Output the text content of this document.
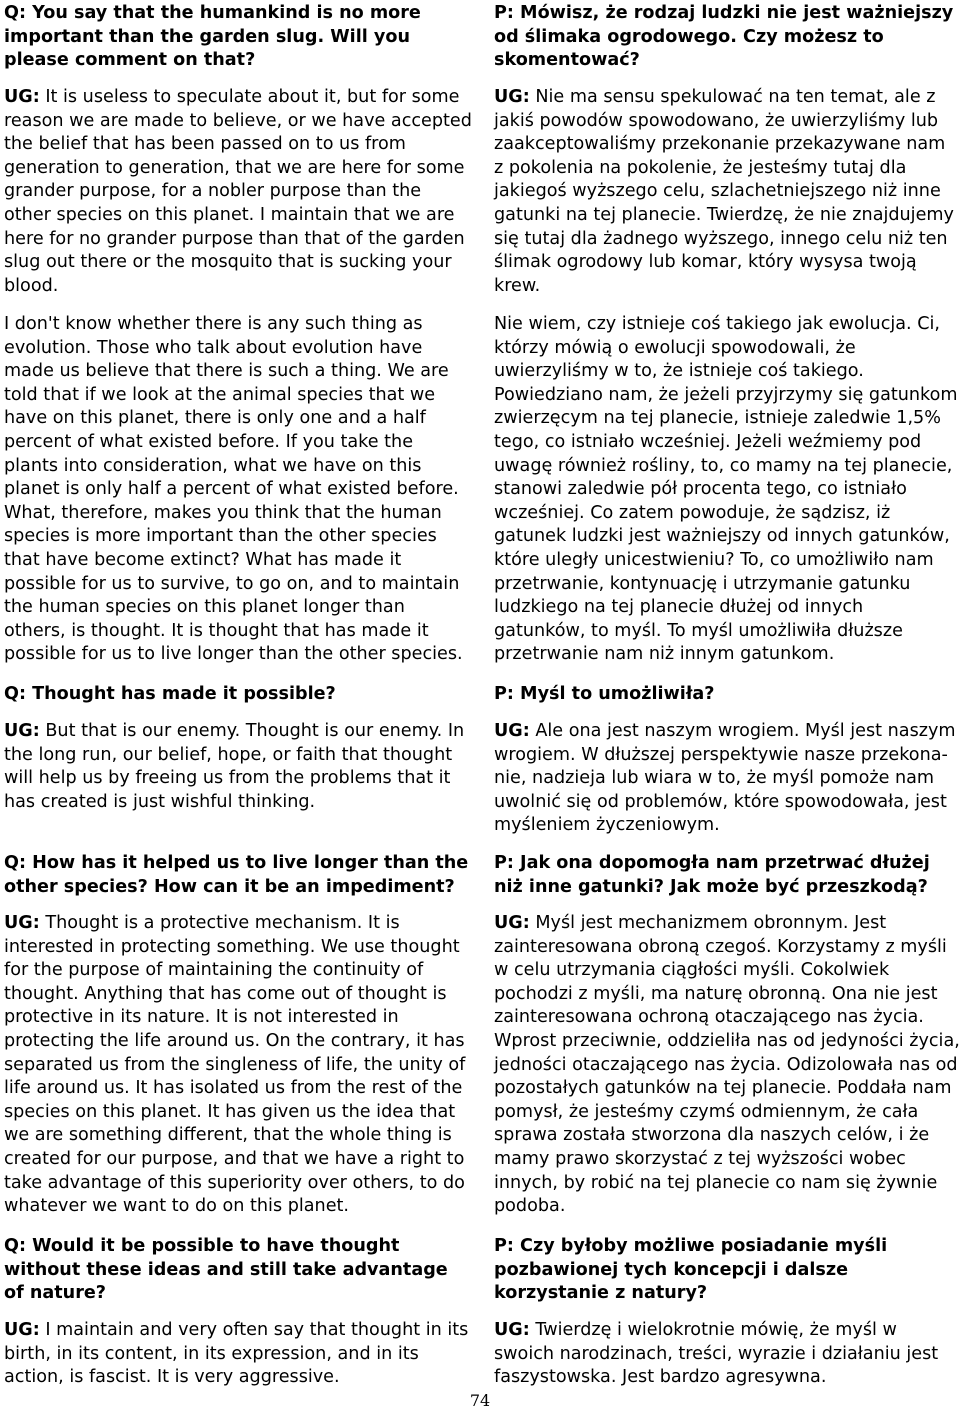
Q: You say that the humankind is no more important than the garden slug. Will you please comment on that?

UG: It is useless to speculate about it, but for some reason we are made to believe, or we have accepted the belief that has been passed on to us from generation to generation, that we are here for some grander purpose, for a nobler purpose than the other species on this planet. I maintain that we are here for no grander purpose than that of the garden slug out there or the mosquito that is sucking your blood.

I don't know whether there is any such thing as evolution. Those who talk about evolution have made us believe that there is such a thing. We are told that if we look at the animal species that we have on this planet, there is only one and a half percent of what existed before. If you take the plants into consideration, what we have on this planet is only half a percent of what existed before. What, therefore, makes you think that the human species is more important than the other species that have become extinct? What has made it possible for us to survive, to go on, and to maintain the human species on this planet longer than others, is thought. It is thought that has made it possible for us to live longer than the other species.

Q: Thought has made it possible?

UG: But that is our enemy. Thought is our enemy. In the long run, our belief, hope, or faith that thought will help us by freeing us from the problems that it has created is just wishful thinking.

Q: How has it helped us to live longer than the other species? How can it be an impediment?

UG: Thought is a protective mechanism. It is interested in protecting something. We use thought for the purpose of maintaining the continuity of thought. Anything that has come out of thought is protective in its nature. It is not interested in protecting the life around us. On the contrary, it has separated us from the singleness of life, the unity of life around us. It has isolated us from the rest of the species on this planet. It has given us the idea that we are something different, that the whole thing is created for our purpose, and that we have a right to take advantage of this superiority over others, to do whatever we want to do on this planet.

Q: Would it be possible to have thought without these ideas and still take advantage of nature?

UG: I maintain and very often say that thought in its birth, in its content, in its expression, and in its action, is fascist. It is very aggressive.

P: Mówisz, że rodzaj ludzki nie jest ważniejszy od ślimaka ogrodowego. Czy możesz to skomentować?

UG: Nie ma sensu spekulować na ten temat, ale z jakiś powodów spowodowano, że uwierzyliśmy lub zaakceptowaliśmy przekonanie przekazywane nam z pokolenia na pokolenie, że jesteśmy tutaj dla jakiegoś wyższego celu, szlachetniejszego niż inne gatunki na tej planecie. Twierdzę, że nie znajdujemy się tutaj dla żadnego wyższego, innego celu niż ten ślimak ogrodowy lub komar, który wysysa twoją krew.

Nie wiem, czy istnieje coś takiego jak ewolucja. Ci, którzy mówią o ewolucji spowodowali, że uwierzyliśmy w to, że istnieje coś takiego. Powiedziano nam, że jeżeli przyjrzymy się gatunkom zwierzęcym na tej planecie, istnieje zaledwie 1,5% tego, co istniało wcześniej. Jeżeli weźmiemy pod uwagę również rośliny, to, co mamy na tej planecie, stanowi zaledwie pół procenta tego, co istniało wcześniej. Co zatem powoduje, że sądzisz, iż gatunek ludzki jest ważniejszy od innych gatunków, które uległy unicestwieniu? To, co umożliwiło nam przetrwanie, kontynuację i utrzymanie gatunku ludzkiego na tej planecie dłużej od innych gatunków, to myśl. To myśl umożliwiła dłuższe przetrwanie nam niż innym gatunkom.

P: Myśl to umożliwiła?

UG: Ale ona jest naszym wrogiem. Myśl jest naszym wrogiem. W dłuższej perspektywie nasze przekona-nie, nadzieja lub wiara w to, że myśl pomoże nam uwolnić się od problemów, które spowodowała, jest myśleniem życzeniowym.

P: Jak ona dopomogła nam przetrwać dłużej niż inne gatunki? Jak może być przeszkodą?

UG: Myśl jest mechanizmem obronnym. Jest zainteresowana obroną czegoś. Korzystamy z myśli w celu utrzymania ciągłości myśli. Cokolwiek pochodzi z myśli, ma naturę obronną. Ona nie jest zainteresowana ochroną otaczającego nas życia. Wprost przeciwnie, oddzieliła nas od jedyności życia, jedności otaczającego nas życia. Odizolowała nas od pozostałych gatunków na tej planecie. Poddała nam pomysł, że jesteśmy czymś odmiennym, że cała sprawa została stworzona dla naszych celów, i że mamy prawo skorzystać z tej wyższości wobec innych, by robić na tej planecie co nam się żywnie podoba.

P: Czy byłoby możliwe posiadanie myśli pozbawionej tych koncepcji i dalsze korzystanie z natury?

UG: Twierdzę i wielokrotnie mówię, że myśl w swoich narodzinach, treści, wyrazie i działaniu jest faszystowska. Jest bardzo agresywna.

74
